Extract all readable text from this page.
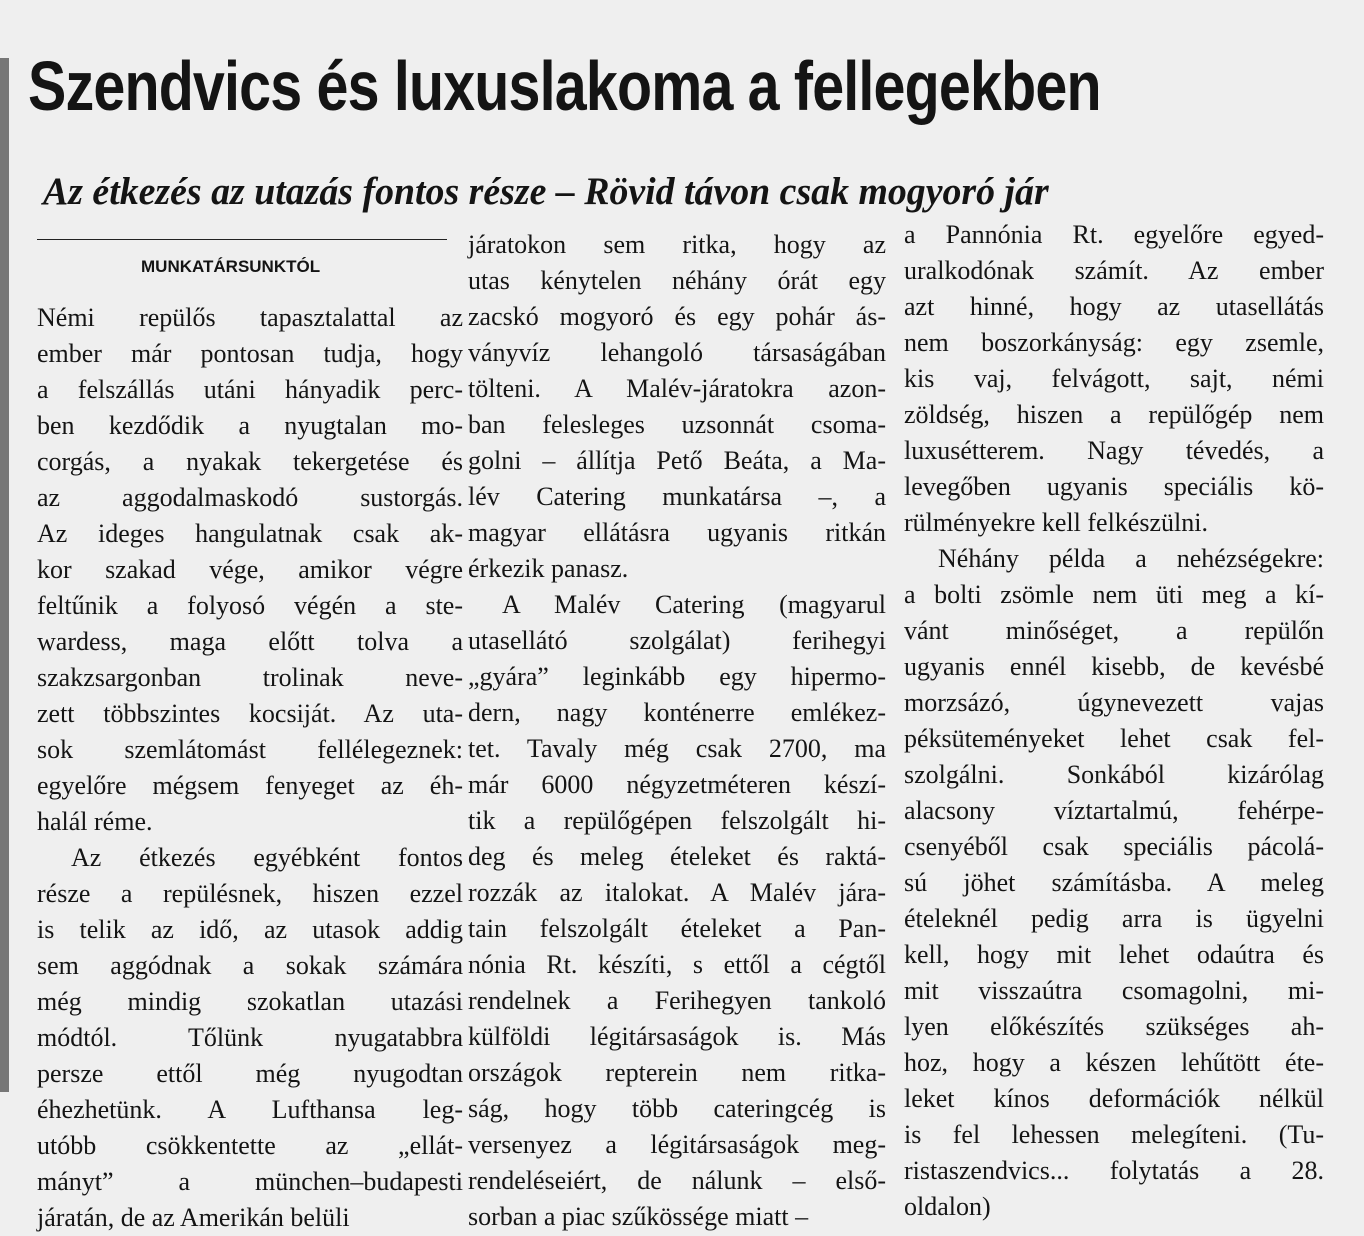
Szendvics és luxuslakoma a fellegekben
Az étkezés az utazás fontos része – Rövid távon csak mogyoró jár
MUNKATÁRSUNKTÓL
Némi repülős tapasztalattal az
ember már pontosan tudja, hogy
a felszállás utáni hányadik perc-
ben kezdődik a nyugtalan mo-
corgás, a nyakak tekergetése és
az aggodalmaskodó sustorgás.
Az ideges hangulatnak csak ak-
kor szakad vége, amikor végre
feltűnik a folyosó végén a ste-
wardess, maga előtt tolva a
szakzsargonban trolinak neve-
zett többszintes kocsiját. Az uta-
sok szemlátomást fellélegeznek:
egyelőre mégsem fenyeget az éh-
halál réme.
Az étkezés egyébként fontos
része a repülésnek, hiszen ezzel
is telik az idő, az utasok addig
sem aggódnak a sokak számára
még mindig szokatlan utazási
módtól. Tőlünk nyugatabbra
persze ettől még nyugodtan
éhezhetünk. A Lufthansa leg-
utóbb csökkentette az „ellát-
mányt” a münchen–budapesti
járatán, de az Amerikán belüli
járatokon sem ritka, hogy az
utas kénytelen néhány órát egy
zacskó mogyoró és egy pohár ás-
ványvíz lehangoló társaságában
tölteni. A Malév-járatokra azon-
ban felesleges uzsonnát csoma-
golni – állítja Pető Beáta, a Ma-
lév Catering munkatársa –, a
magyar ellátásra ugyanis ritkán
érkezik panasz.
A Malév Catering (magyarul
utasellátó szolgálat) ferihegyi
„gyára” leginkább egy hipermo-
dern, nagy konténerre emlékez-
tet. Tavaly még csak 2700, ma
már 6000 négyzetméteren készí-
tik a repülőgépen felszolgált hi-
deg és meleg ételeket és raktá-
rozzák az italokat. A Malév jára-
tain felszolgált ételeket a Pan-
nónia Rt. készíti, s ettől a cégtől
rendelnek a Ferihegyen tankoló
külföldi légitársaságok is. Más
országok repterein nem ritka-
ság, hogy több cateringcég is
versenyez a légitársaságok meg-
rendeléseiért, de nálunk – első-
sorban a piac szűkössége miatt –
a Pannónia Rt. egyelőre egyed-
uralkodónak számít. Az ember
azt hinné, hogy az utasellátás
nem boszorkányság: egy zsemle,
kis vaj, felvágott, sajt, némi
zöldség, hiszen a repülőgép nem
luxusétterem. Nagy tévedés, a
levegőben ugyanis speciális kö-
rülményekre kell felkészülni.
Néhány példa a nehézségekre:
a bolti zsömle nem üti meg a kí-
vánt minőséget, a repülőn
ugyanis ennél kisebb, de kevésbé
morzsázó, úgynevezett vajas
péksüteményeket lehet csak fel-
szolgálni. Sonkából kizárólag
alacsony víztartalmú, fehérpe-
csenyéből csak speciális pácolá-
sú jöhet számításba. A meleg
ételeknél pedig arra is ügyelni
kell, hogy mit lehet odaútra és
mit visszaútra csomagolni, mi-
lyen előkészítés szükséges ah-
hoz, hogy a készen lehűtött éte-
leket kínos deformációk nélkül
is fel lehessen melegíteni. (Tu-
ristaszendvics... folytatás a 28.
oldalon)
